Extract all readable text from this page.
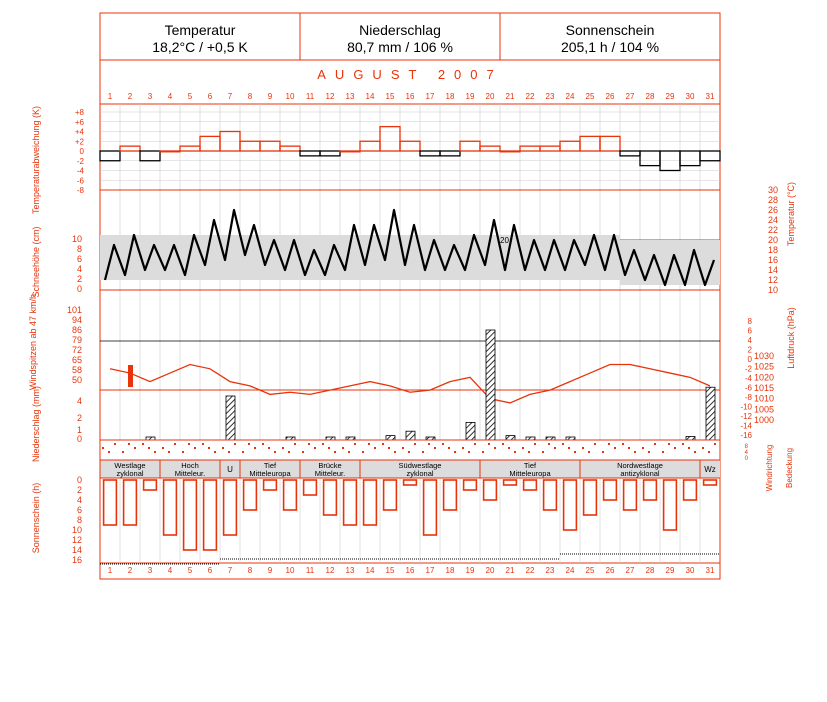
Temperatur
18,2°C / +0,5 K
Niederschlag
80,7 mm / 106 %
Sonnenschein
205,1 h / 104 %
AUGUST 2007
1
1
2
2
3
3
4
4
5
5
6
6
7
7
8
8
9
9
10
10
11
11
12
12
13
13
14
14
15
15
16
16
17
17
18
18
19
19
20
20
21
21
22
22
23
23
24
24
25
25
26
26
27
27
28
28
29
29
30
30
31
31
+8
+6
+4
+2
0
-2
-4
-6
-8
Temperaturabweichung (K)	30
28
26
24
22
20
18
16
14
12
10
Temperatur (°C)
20
10
8
6
4
2
0
Schneehöhe (cm)
101
94
86
79
72
65
58
50
Windspitzen ab 47 km/h	1030
1025
1020
1015
1010
1005
1000
Luftdruck (hPa)
8
6
4
2
0
-2
-4
-6
-8
-10
-12
-14
-16
4
2
1
0
Niederschlag (mm)
Windrichtung Bedeckung
8
4
0
Westlage
zyklonal
Hoch
Mitteleur.	U	Tief
Mitteleuropa
Brücke
Mitteleur.
Südwestlage
zyklonal
Tief
Mitteleuropa
Nordwestlage
antizyklonal	Wz
0
2
4
6
8
10
12
14
16
Sonnenschein (h)
